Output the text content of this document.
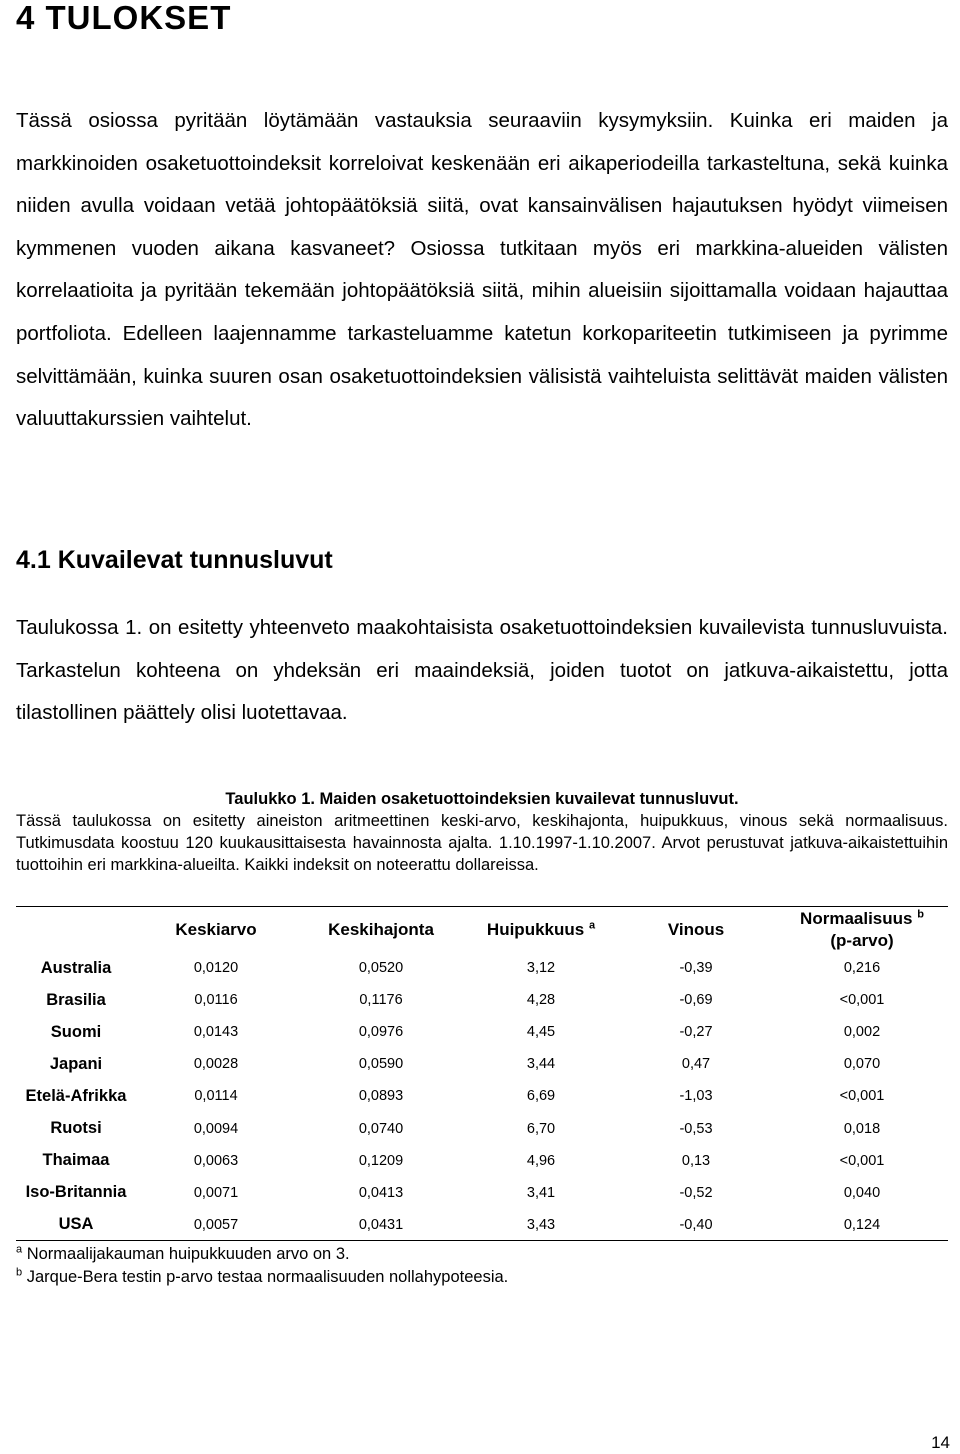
4 TULOKSET

Tässä osiossa pyritään löytämään vastauksia seuraaviin kysymyksiin. Kuinka eri maiden ja markkinoiden osaketuottoindeksit korreloivat keskenään eri aikaperiodeilla tarkasteltuna, sekä kuinka niiden avulla voidaan vetää johtopäätöksiä siitä, ovat kansainvälisen hajautuksen hyödyt viimeisen kymmenen vuoden aikana kasvaneet? Osiossa tutkitaan myös eri markkina-alueiden välisten korrelaatioita ja pyritään tekemään johtopäätöksiä siitä, mihin alueisiin sijoittamalla voidaan hajauttaa portfoliota. Edelleen laajennamme tarkasteluamme katetun korkopariteetin tutkimiseen ja pyrimme selvittämään, kuinka suuren osan osaketuottoindeksien välisistä vaihteluista selittävät maiden välisten valuuttakurssien vaihtelut.

4.1 Kuvailevat tunnusluvut

Taulukossa 1. on esitetty yhteenveto maakohtaisista osaketuottoindeksien kuvailevista tunnusluvuista. Tarkastelun kohteena on yhdeksän eri maaindeksiä, joiden tuotot on jatkuva-aikaistettu, jotta tilastollinen päättely olisi luotettavaa.

Taulukko 1. Maiden osaketuottoindeksien kuvailevat tunnusluvut.

Tässä taulukossa on esitetty aineiston aritmeettinen keski-arvo, keskihajonta, huipukkuus, vinous sekä normaalisuus. Tutkimusdata koostuu 120 kuukausittaisesta havainnosta ajalta. 1.10.1997-1.10.2007. Arvot perustuvat jatkuva-aikaistettuihin tuottoihin eri markkina-alueilta. Kaikki indeksit on noteerattu dollareissa.

	Keskiarvo	Keskihajonta	Huipukkuus $^a$	Vinous	Normaalisuus $^b$
(p-arvo)
Australia	0,0120	0,0520	3,12	-0,39	0,216
Brasilia	0,0116	0,1176	4,28	-0,69	<0,001
Suomi	0,0143	0,0976	4,45	-0,27	0,002
Japani	0,0028	0,0590	3,44	0,47	0,070
Etelä-Afrikka	0,0114	0,0893	6,69	-1,03	<0,001
Ruotsi	0,0094	0,0740	6,70	-0,53	0,018
Thaimaa	0,0063	0,1209	4,96	0,13	<0,001
Iso-Britannia	0,0071	0,0413	3,41	-0,52	0,040
USA	0,0057	0,0431	3,43	-0,40	0,124
$^a$ Normaalijakauman huipukkuuden arvo on 3.
$^b$ Jarque-Bera testin p-arvo testaa normaalisuuden nollahypoteesia.
14
